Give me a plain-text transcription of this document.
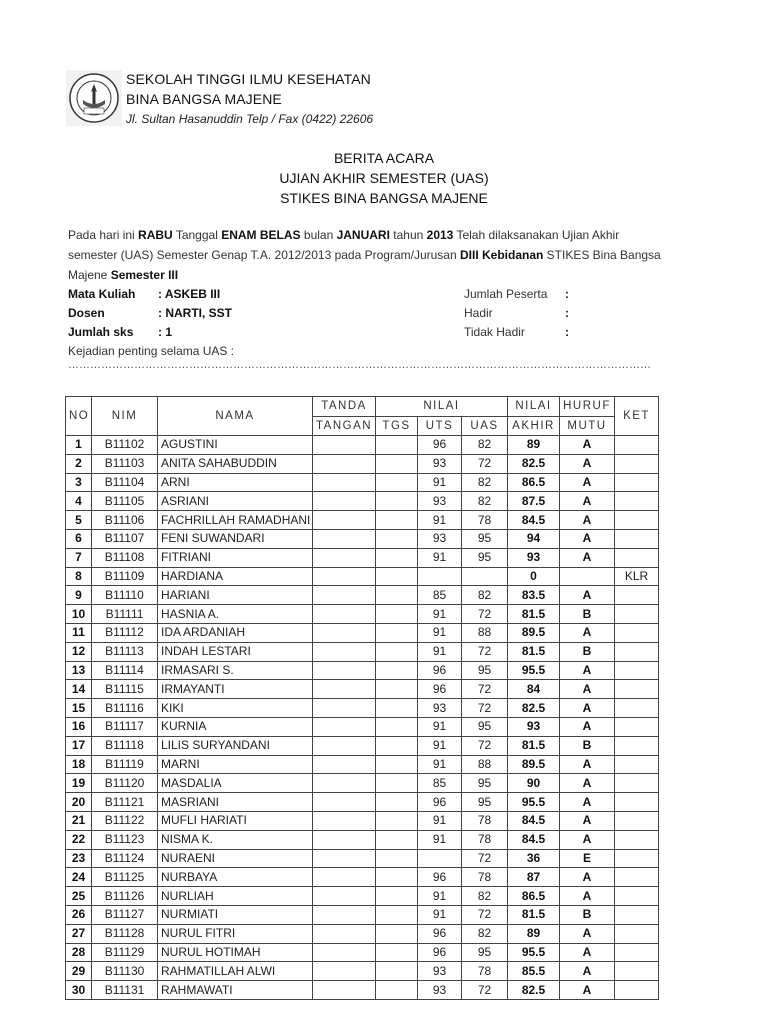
SEKOLAH TINGGI ILMU KESEHATAN
BINA BANGSA MAJENE
Jl. Sultan Hasanuddin Telp / Fax (0422) 22606
BERITA ACARA
UJIAN AKHIR SEMESTER (UAS)
STIKES BINA BANGSA MAJENE
Pada hari ini RABU Tanggal ENAM BELAS bulan JANUARI tahun 2013 Telah dilaksanakan Ujian Akhir semester (UAS) Semester Genap T.A. 2012/2013 pada Program/Jurusan DIII Kebidanan STIKES Bina Bangsa Majene Semester III
Mata Kuliah : ASKEB III
Dosen	: NARTI, SST
Jumlah sks : 1
Jumlah Peserta :
Hadir	:
Tidak Hadir	:
Kejadian penting selama UAS :
……………………………………………………………………………………………………………………………………………
NO	NIM	NAMA	TANDA	NILAI			NILAI	HURUF	KET
			TANGAN	TGS	UTS	UAS	AKHIR	MUTU	
1	B11102	AGUSTINI			96	82	89	A	
2	B11103	ANITA SAHABUDDIN			93	72	82.5	A	
3	B11104	ARNI			91	82	86.5	A	
4	B11105	ASRIANI			93	82	87.5	A	
5	B11106	FACHRILLAH RAMADHANI			91	78	84.5	A	
6	B11107	FENI SUWANDARI			93	95	94	A	
7	B11108	FITRIANI			91	95	93	A	
8	B11109	HARDIANA					0		KLR
9	B11110	HARIANI			85	82	83.5	A	
10	B11111	HASNIA A.			91	72	81.5	B	
11	B11112	IDA ARDANIAH			91	88	89.5	A	
12	B11113	INDAH LESTARI			91	72	81.5	B	
13	B11114	IRMASARI S.			96	95	95.5	A	
14	B11115	IRMAYANTI			96	72	84	A	
15	B11116	KIKI			93	72	82.5	A	
16	B11117	KURNIA			91	95	93	A	
17	B11118	LILIS SURYANDANI			91	72	81.5	B	
18	B11119	MARNI			91	88	89.5	A	
19	B11120	MASDALIA			85	95	90	A	
20	B11121	MASRIANI			96	95	95.5	A	
21	B11122	MUFLI HARIATI			91	78	84.5	A	
22	B11123	NISMA K.			91	78	84.5	A	
23	B11124	NURAENI				72	36	E	
24	B11125	NURBAYA			96	78	87	A	
25	B11126	NURLIAH			91	82	86.5	A	
26	B11127	NURMIATI			91	72	81.5	B	
27	B11128	NURUL FITRI			96	82	89	A	
28	B11129	NURUL HOTIMAH			96	95	95.5	A	
29	B11130	RAHMATILLAH ALWI			93	78	85.5	A	
30	B11131	RAHMAWATI			93	72	82.5	A	
